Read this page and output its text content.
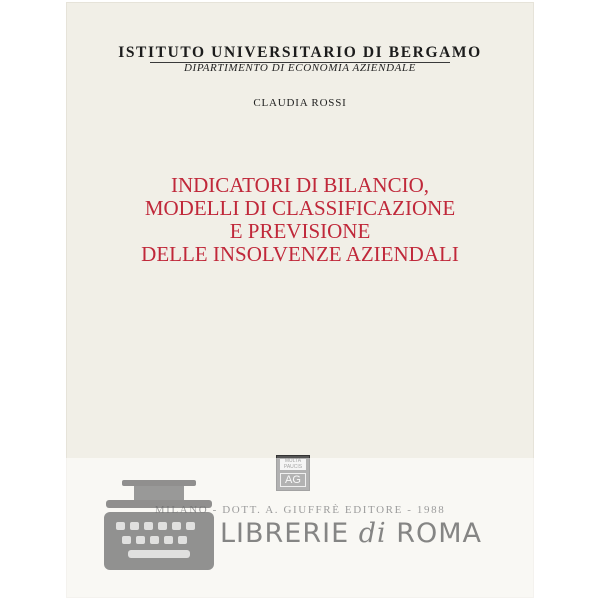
ISTITUTO UNIVERSITARIO DI BERGAMO
DIPARTIMENTO DI ECONOMIA AZIENDALE
CLAUDIA ROSSI
INDICATORI DI BILANCIO,
MODELLI DI CLASSIFICAZIONE
E PREVISIONE
DELLE INSOLVENZE AZIENDALI
LIBRERIE di ROMA
